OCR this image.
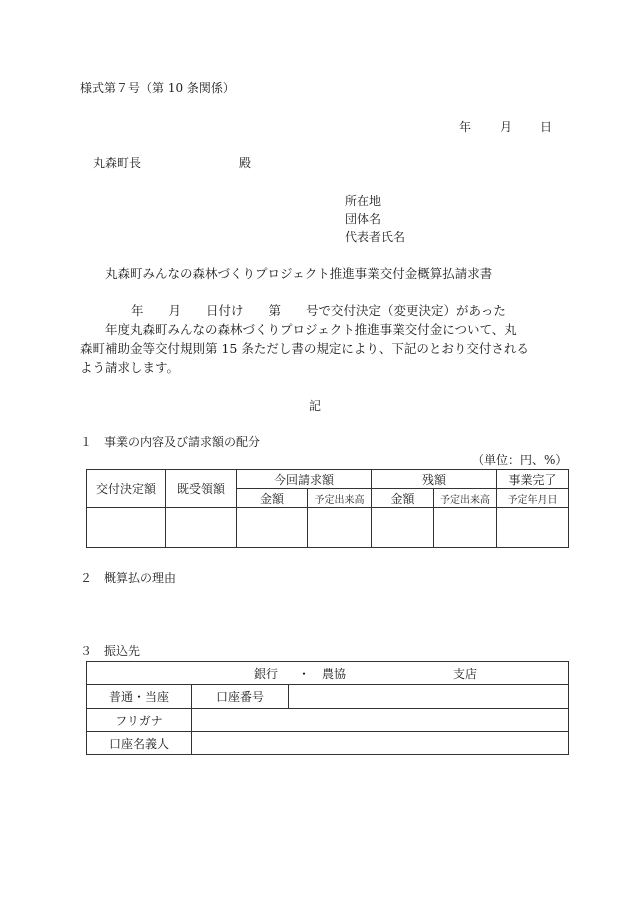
様式第７号（第 10 条関係）
年 月 日
丸森町長	殿
所在地
団体名
代表者氏名
丸森町みんなの森林づくりプロジェクト推進事業交付金概算払請求書
年　　月　　日付け　　第　　号で交付決定（変更決定）があった
年度丸森町みんなの森林づくりプロジェクト推進事業交付金について、丸
森町補助金等交付規則第 15 条ただし書の規定により、下記のとおり交付される
よう請求します。
記
１　事業の内容及び請求額の配分
（単位：円、%）
交付決定額	既受領額	今回請求額		残額		事業完了
		金額	予定出来高	金額	予定出来高	予定年月日

２　概算払の理由
３　振込先
銀行 ・ 農協 支店		

普通・当座	口座番号	
フリガナ		
口座名義人		
